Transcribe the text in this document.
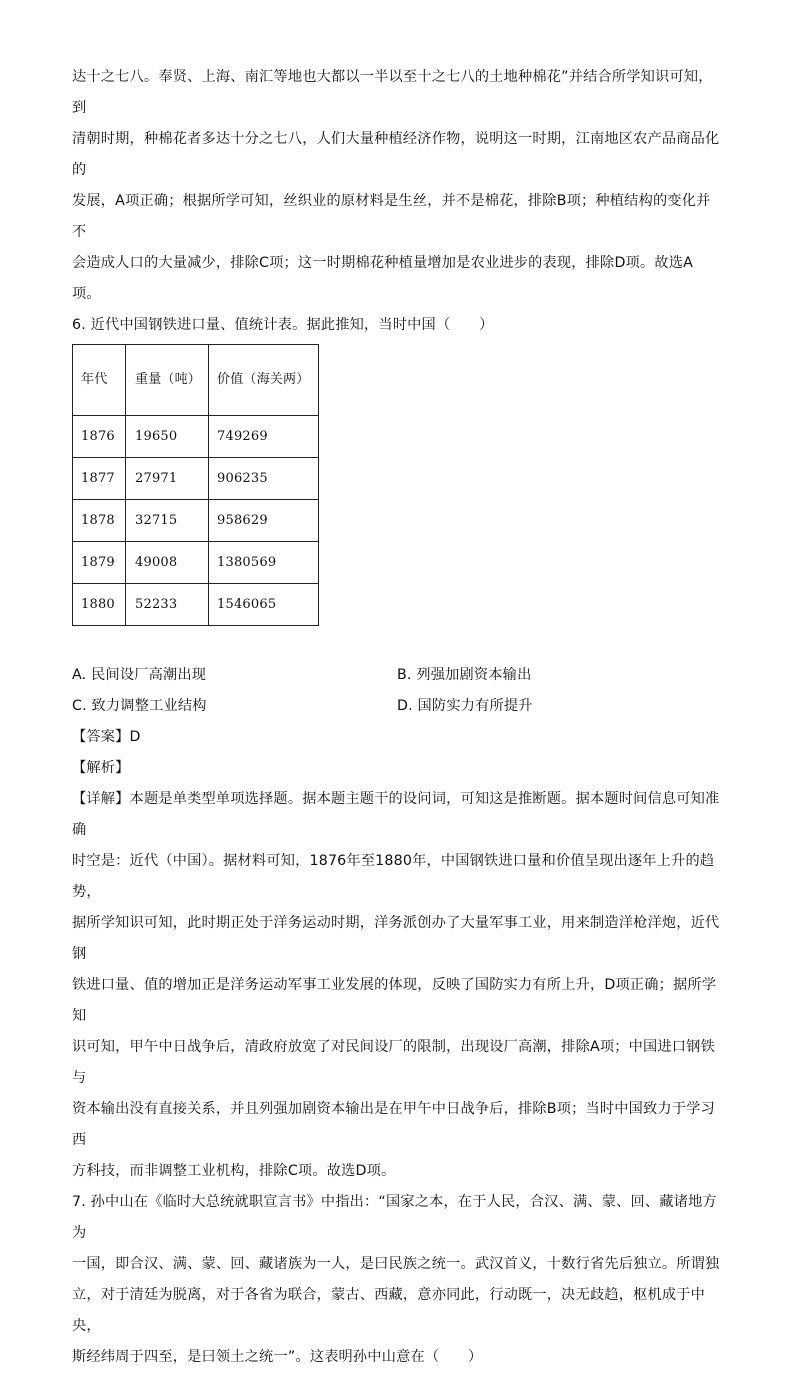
达十之七八。奉贤、上海、南汇等地也大都以一半以至十之七八的土地种棉花”并结合所学知识可知，到

清朝时期，种棉花者多达十分之七八，人们大量种植经济作物，说明这一时期，江南地区农产品商品化的

发展，A项正确；根据所学可知，丝织业的原材料是生丝，并不是棉花，排除B项；种植结构的变化并不

会造成人口的大量减少，排除C项；这一时期棉花种植量增加是农业进步的表现，排除D项。故选A

项。

6. 近代中国钢铁进口量、值统计表。据此推知，当时中国（　　）

年代	重量（吨）	价值（海关两）
1876	19650	749269
1877	27971	906235
1878	32715	958629
1879	49008	1380569
1880	52233	1546065

A. 民间设厂高潮出现	B. 列强加剧资本输出

C. 致力调整工业结构	D. 国防实力有所提升

【答案】D

【解析】

【详解】本题是单类型单项选择题。据本题主题干的设问词，可知这是推断题。据本题时间信息可知准确

时空是：近代（中国）。据材料可知，1876年至1880年，中国钢铁进口量和价值呈现出逐年上升的趋势，

据所学知识可知，此时期正处于洋务运动时期，洋务派创办了大量军事工业，用来制造洋枪洋炮，近代钢

铁进口量、值的增加正是洋务运动军事工业发展的体现，反映了国防实力有所上升，D项正确；据所学知

识可知，甲午中日战争后，清政府放宽了对民间设厂的限制，出现设厂高潮，排除A项；中国进口钢铁与

资本输出没有直接关系，并且列强加剧资本输出是在甲午中日战争后，排除B项；当时中国致力于学习西

方科技，而非调整工业机构，排除C项。故选D项。

7. 孙中山在《临时大总统就职宣言书》中指出：“国家之本，在于人民，合汉、满、蒙、回、藏诸地方为

一国，即合汉、满、蒙、回、藏诸族为一人，是曰民族之统一。武汉首义，十数行省先后独立。所谓独

立，对于清廷为脱离，对于各省为联合，蒙古、西藏，意亦同此，行动既一，决无歧趋，枢机成于中央，

斯经纬周于四至，是曰领土之统一”。这表明孙中山意在（　　）
